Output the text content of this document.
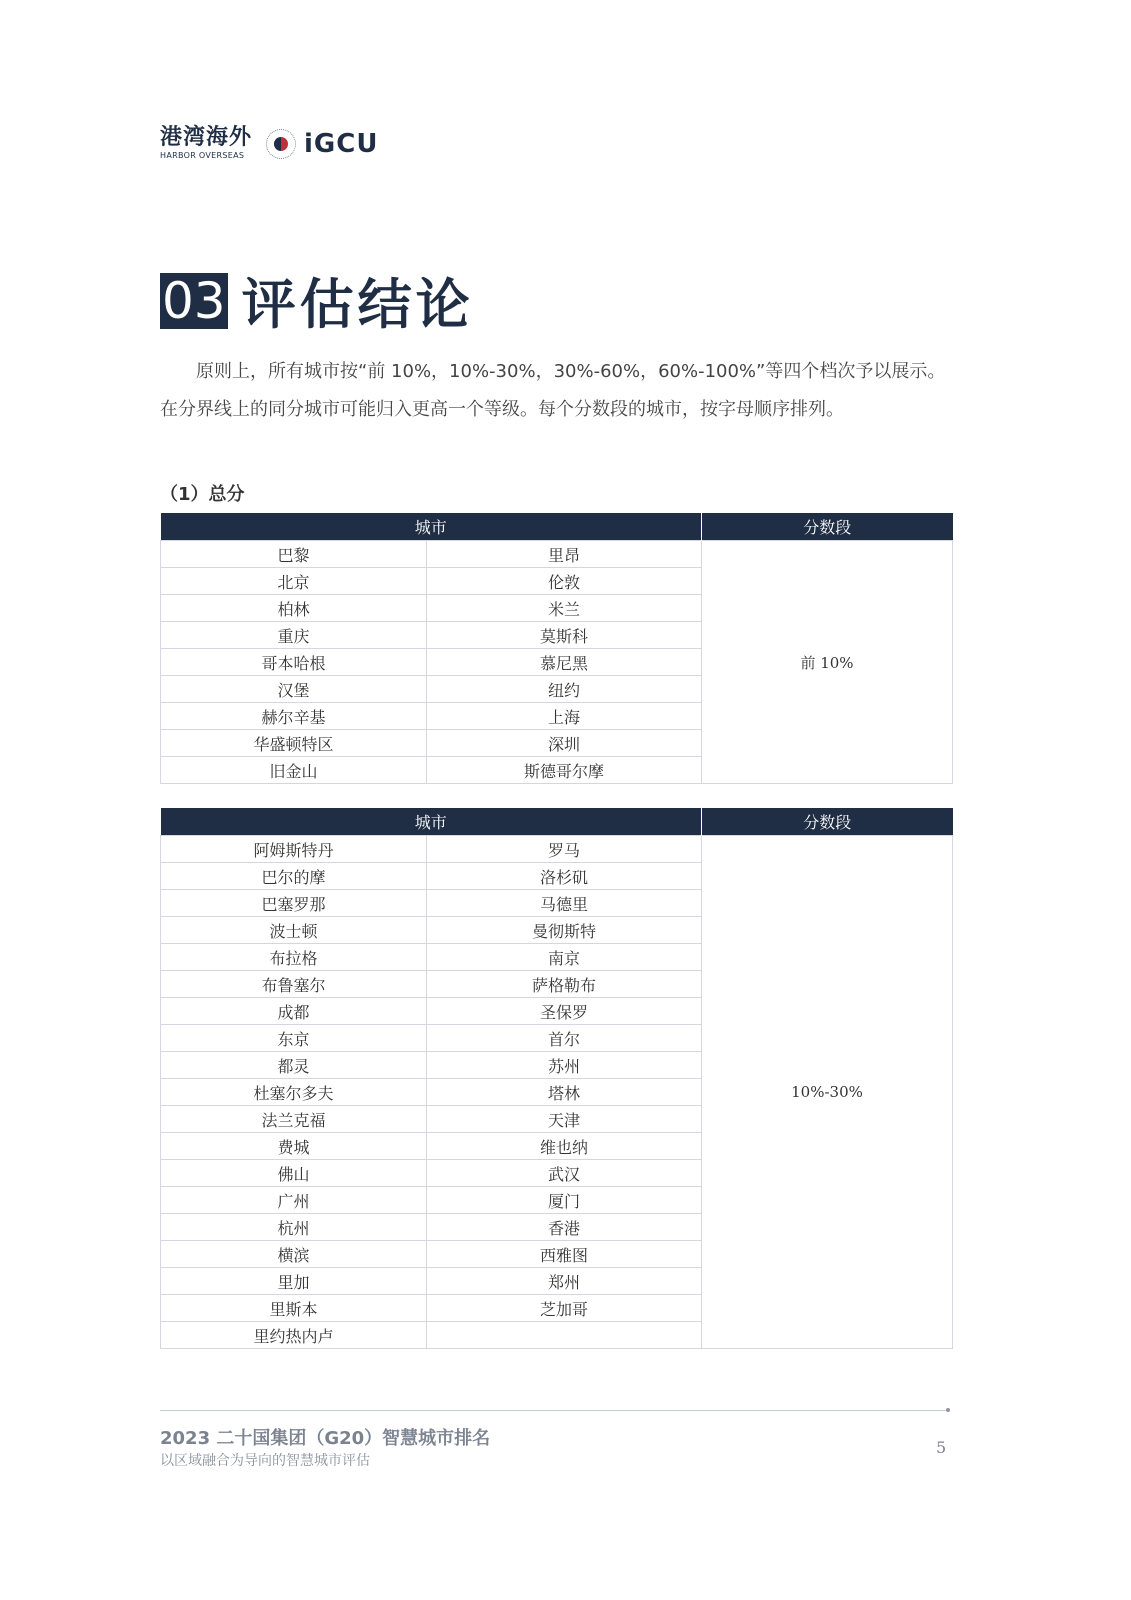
港湾海外
HARBOR OVERSEAS iGCU
03 评估结论
原则上，所有城市按“前 10%，10%-30%，30%-60%，60%-100%”等四个档次予以展示。
在分界线上的同分城市可能归入更高一个等级。每个分数段的城市，按字母顺序排列。
（1）总分
城市		分数段
巴黎	里昂	前 10%
北京	伦敦	
柏林	米兰	
重庆	莫斯科	
哥本哈根	慕尼黑	
汉堡	纽约	
赫尔辛基	上海	
华盛顿特区	深圳	
旧金山	斯德哥尔摩	
城市		分数段
阿姆斯特丹	罗马	10%-30%
巴尔的摩	洛杉矶	
巴塞罗那	马德里	
波士顿	曼彻斯特	
布拉格	南京	
布鲁塞尔	萨格勒布	
成都	圣保罗	
东京	首尔	
都灵	苏州	
杜塞尔多夫	塔林	
法兰克福	天津	
费城	维也纳	
佛山	武汉	
广州	厦门	
杭州	香港	
横滨	西雅图	
里加	郑州	
里斯本	芝加哥	
里约热内卢		
2023 二十国集团（G20）智慧城市排名
以区域融合为导向的智慧城市评估
5
